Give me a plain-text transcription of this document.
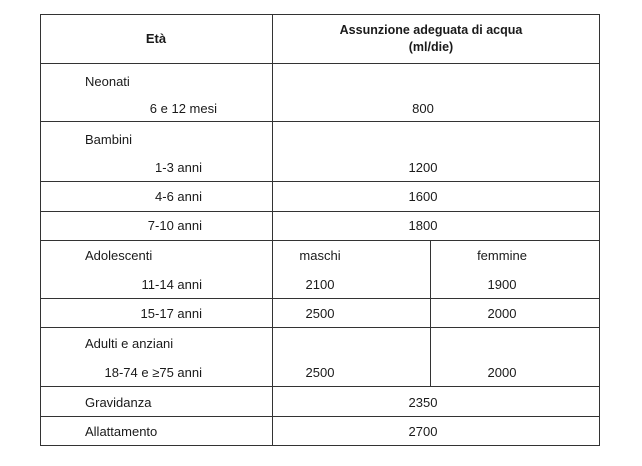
Età
Assunzione adeguata di acqua
(ml/die)
Neonati
6 e 12 mesi	800
Bambini
1-3 anni	1200
4-6 anni	1600
7-10 anni	1800
Adolescenti	maschi	femmine
11-14 anni	2100	1900
15-17 anni	2500	2000
Adulti e anziani
18-74 e ≥75 anni	2500	2000
Gravidanza	2350
Allattamento	2700
